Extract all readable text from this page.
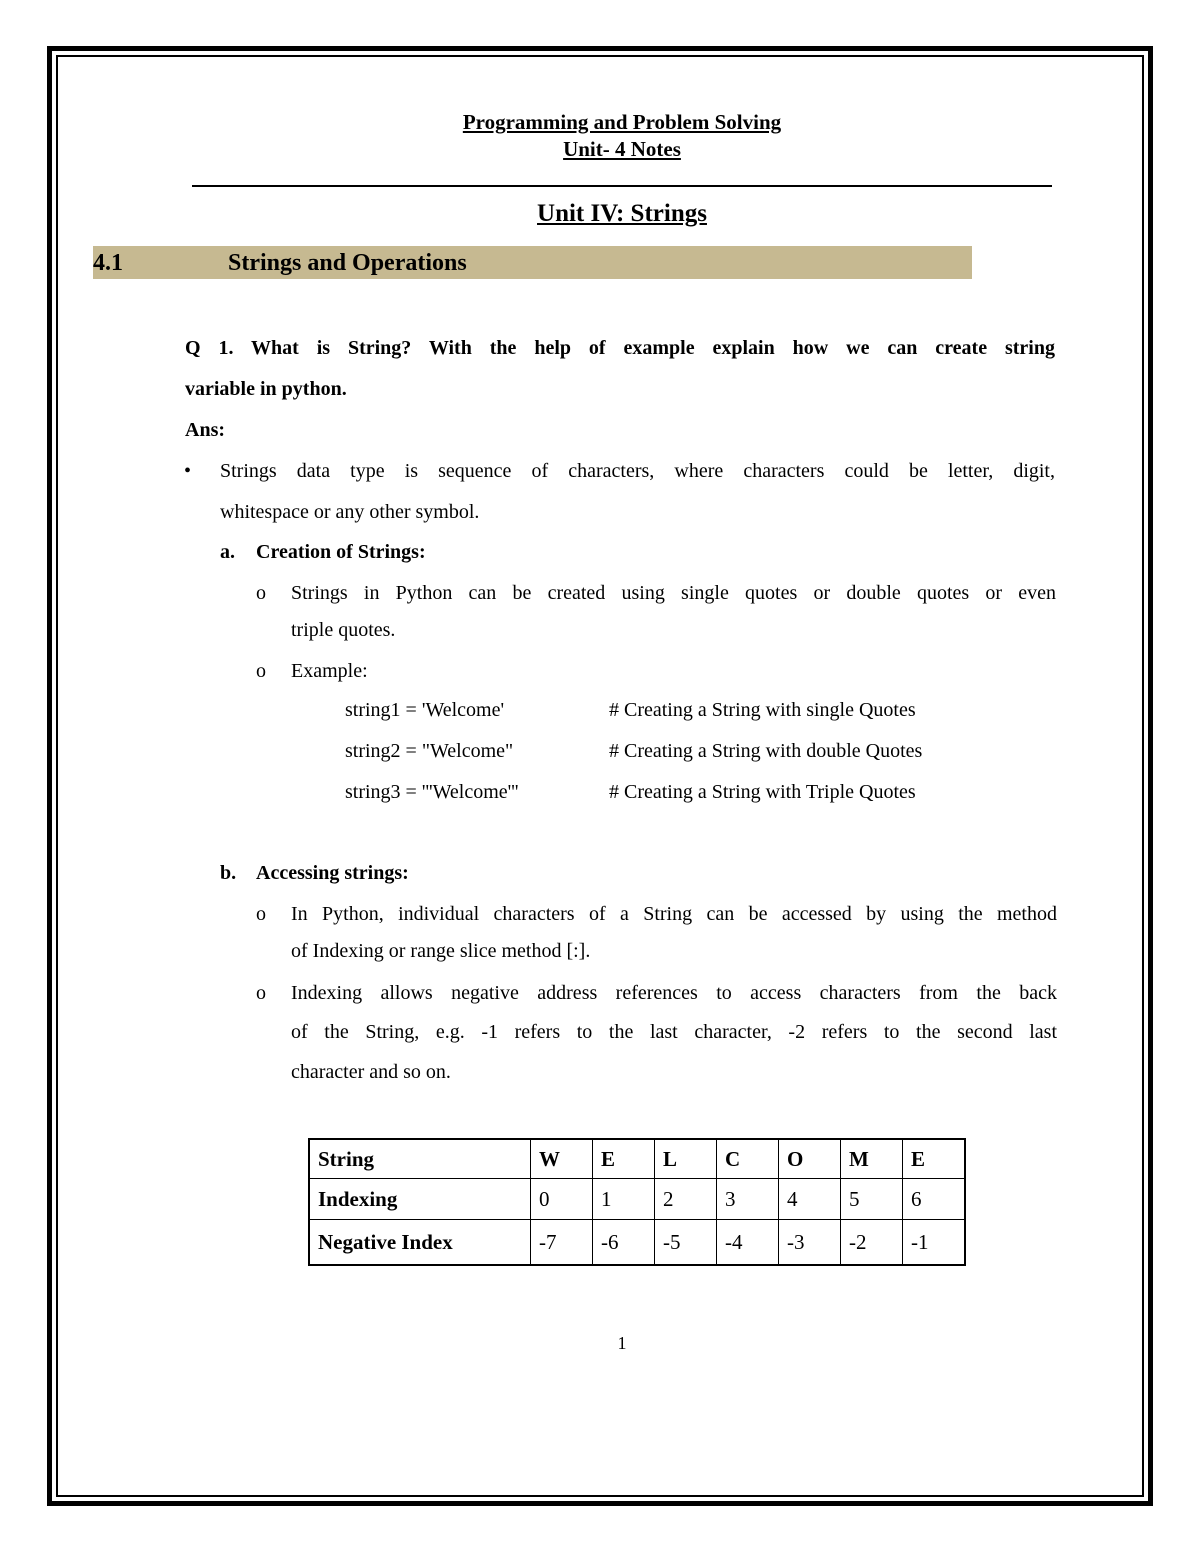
Programming and Problem Solving
Unit- 4 Notes
Unit IV: Strings
4.1	Strings and Operations
Q 1. What is String? With the help of example explain how we can create string
variable in python.
Ans:
• Strings data type is sequence of characters, where characters could be letter, digit,
whitespace or any other symbol.
a. Creation of Strings:
o Strings in Python can be created using single quotes or double quotes or even
triple quotes.
o Example:
string1 = 'Welcome'	# Creating a String with single Quotes
string2 = "Welcome"	# Creating a String with double Quotes
string3 = '''Welcome'''	# Creating a String with Triple Quotes
b. Accessing strings:
o In Python, individual characters of a String can be accessed by using the method
of Indexing or range slice method [:].
o Indexing allows negative address references to access characters from the back
of the String, e.g. -1 refers to the last character, -2 refers to the second last
character and so on.
String	W	E	L	C	O	M	E
Indexing	0	1	2	3	4	5	6
Negative Index	-7	-6	-5	-4	-3	-2	-1
1
